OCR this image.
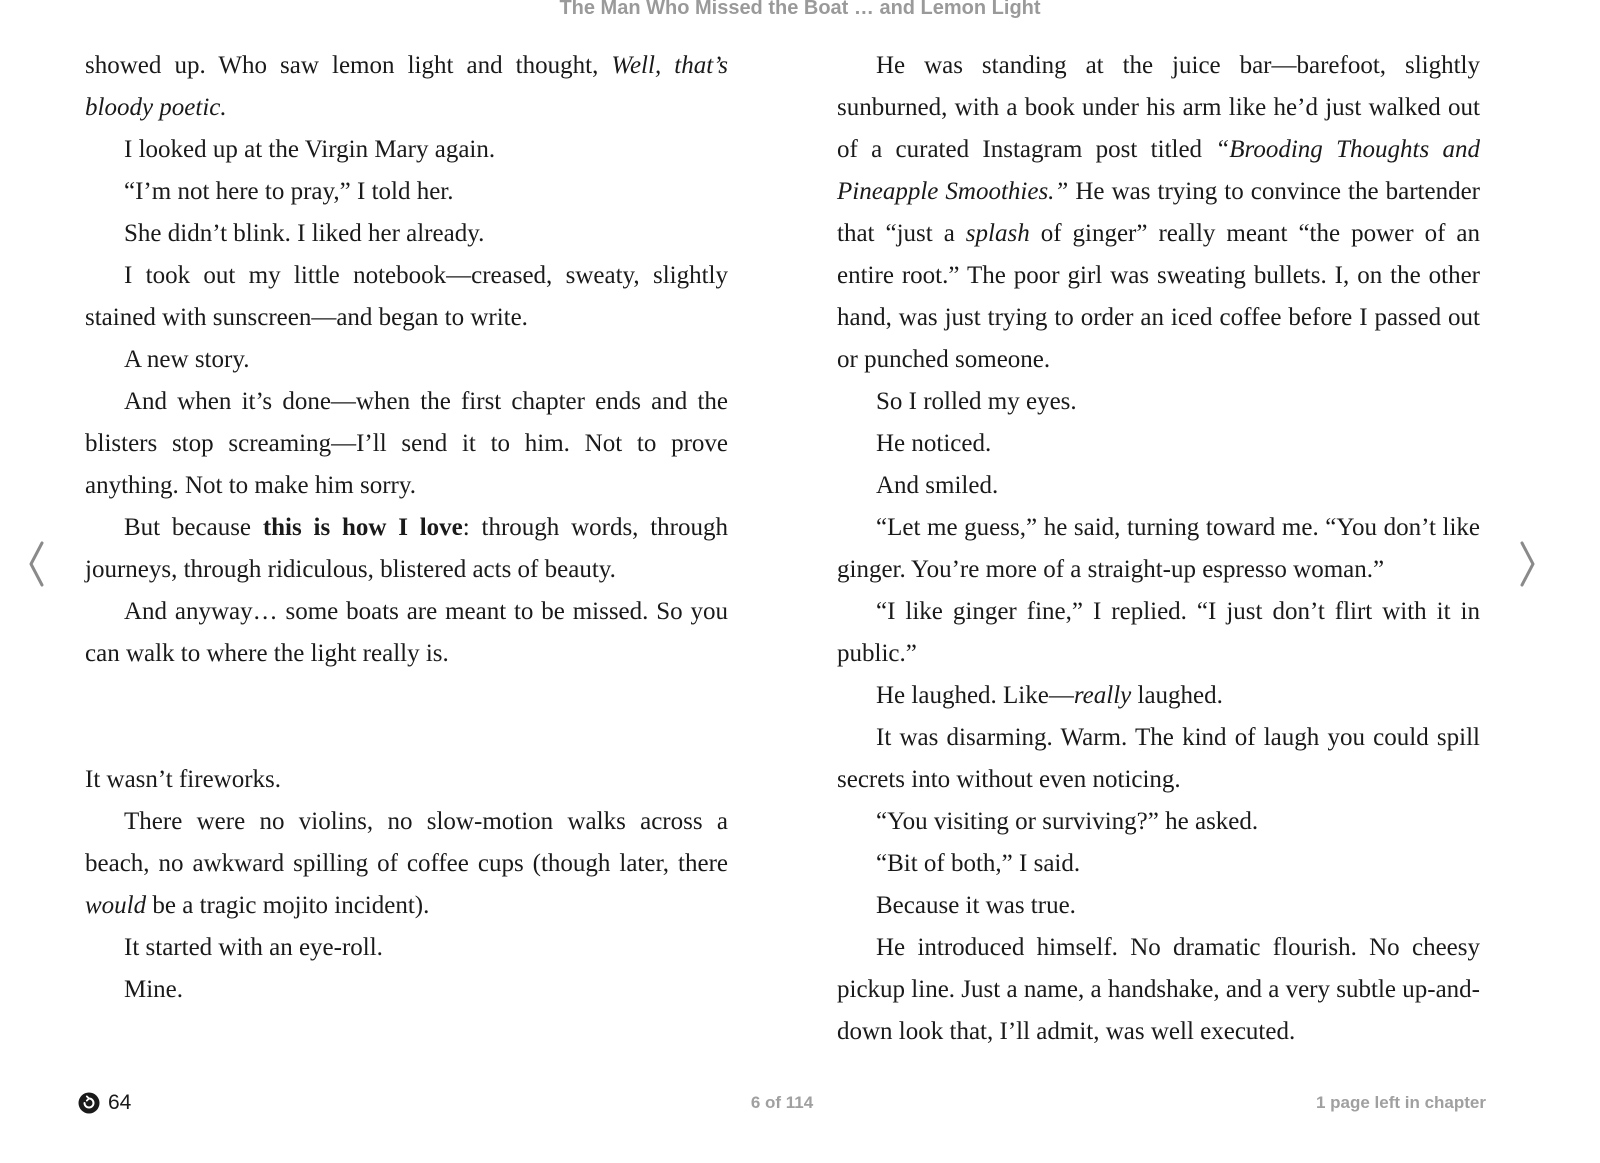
The Man Who Missed the Boat … and Lemon Light

showed up. Who saw lemon light and thought, Well, that’s bloody poetic.

I looked up at the Virgin Mary again.

“I’m not here to pray,” I told her.

She didn’t blink. I liked her already.

I took out my little notebook—creased, sweaty, slightly stained with sunscreen—and began to write.

A new story.

And when it’s done—when the first chapter ends and the blisters stop screaming—I’ll send it to him. Not to prove anything. Not to make him sorry.

But because this is how I love: through words, through journeys, through ridiculous, blistered acts of beauty.

And anyway… some boats are meant to be missed. So you can walk to where the light really is.

It wasn’t fireworks.

There were no violins, no slow-motion walks across a beach, no awkward spilling of coffee cups (though later, there would be a tragic mojito incident).

It started with an eye-roll.

Mine.

He was standing at the juice bar—barefoot, slightly sunburned, with a book under his arm like he’d just walked out of a curated Instagram post titled “Brooding Thoughts and Pineapple Smoothies.” He was trying to convince the bartender that “just a splash of ginger” really meant “the power of an entire root.” The poor girl was sweating bullets. I, on the other hand, was just trying to order an iced coffee before I passed out or punched someone.

So I rolled my eyes.

He noticed.

And smiled.

“Let me guess,” he said, turning toward me. “You don’t like ginger. You’re more of a straight-up espresso woman.”

“I like ginger fine,” I replied. “I just don’t flirt with it in public.”

He laughed. Like—really laughed.

It was disarming. Warm. The kind of laugh you could spill secrets into without even noticing.

“You visiting or surviving?” he asked.

“Bit of both,” I said.

Because it was true.

He introduced himself. No dramatic flourish. No cheesy pickup line. Just a name, a handshake, and a very subtle up-and-down look that, I’ll admit, was well executed.

64	6 of 114	1 page left in chapter
